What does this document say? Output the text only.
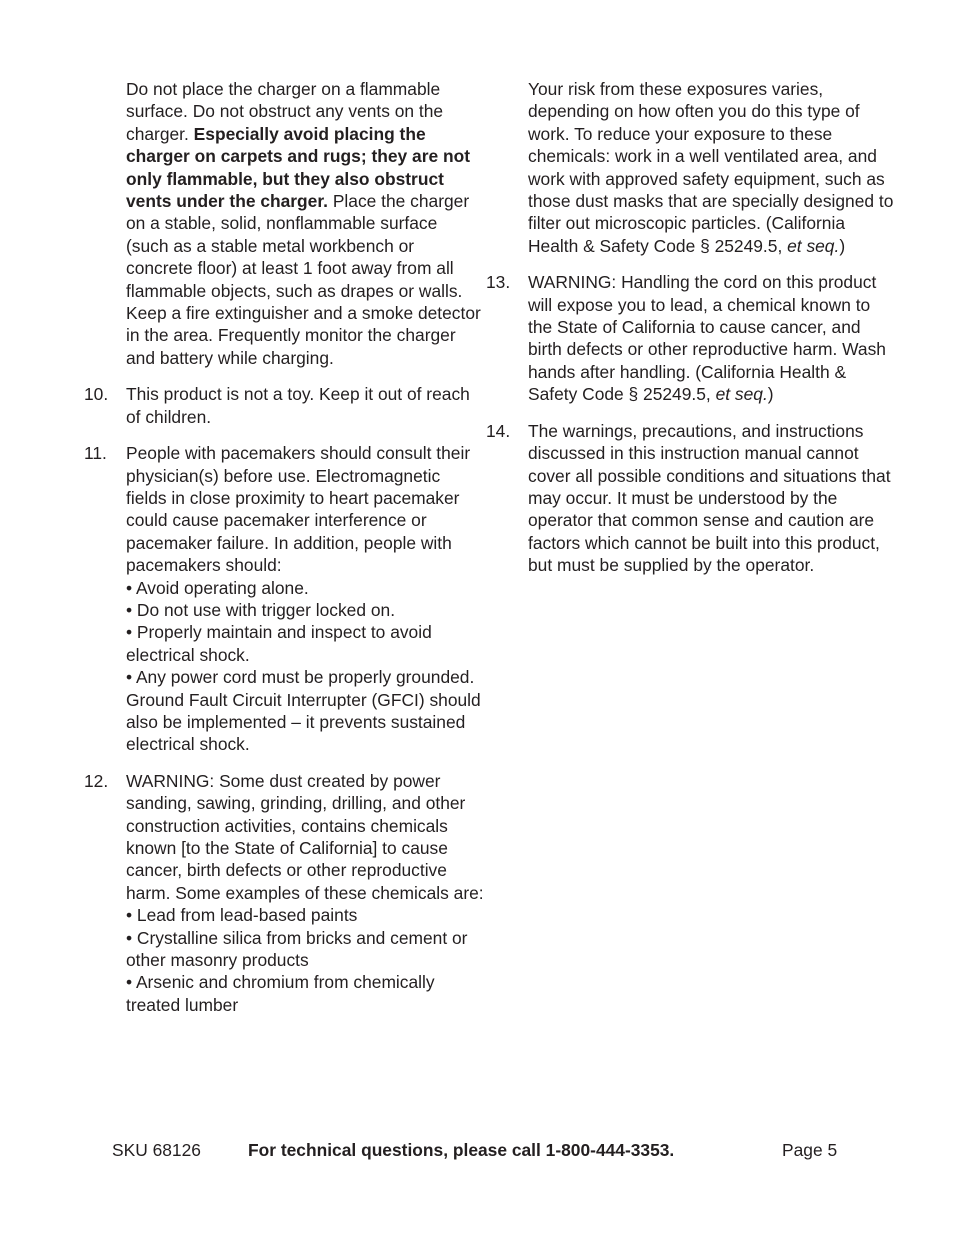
Do not place the charger on a flammable surface. Do not obstruct any vents on the charger. Especially avoid placing the charger on carpets and rugs; they are not only flammable, but they also obstruct vents under the charger. Place the charger on a stable, solid, nonflammable surface (such as a stable metal workbench or concrete floor) at least 1 foot away from all flammable objects, such as drapes or walls. Keep a fire extinguisher and a smoke detector in the area. Frequently monitor the charger and battery while charging.

10. This product is not a toy. Keep it out of reach of children.

11. People with pacemakers should consult their physician(s) before use. Electromagnetic fields in close proximity to heart pacemaker could cause pacemaker interference or pacemaker failure. In addition, people with pacemakers should:

• Avoid operating alone.

• Do not use with trigger locked on.

• Properly maintain and inspect to avoid electrical shock.

• Any power cord must be properly grounded. Ground Fault Circuit Interrupter (GFCI) should also be implemented – it prevents sustained electrical shock.

12. WARNING: Some dust created by power sanding, sawing, grinding, drilling, and other construction activities, contains chemicals known [to the State of California] to cause cancer, birth defects or other reproductive harm. Some examples of these chemicals are:

• Lead from lead-based paints

• Crystalline silica from bricks and cement or other masonry products

• Arsenic and chromium from chemically treated lumber

Your risk from these exposures varies, depending on how often you do this type of work. To reduce your exposure to these chemicals: work in a well ventilated area, and work with approved safety equipment, such as those dust masks that are specially designed to filter out microscopic particles. (California Health & Safety Code § 25249.5, et seq.)

13. WARNING: Handling the cord on this product will expose you to lead, a chemical known to the State of California to cause cancer, and birth defects or other reproductive harm. Wash hands after handling. (California Health & Safety Code § 25249.5, et seq.)

14. The warnings, precautions, and instructions discussed in this instruction manual cannot cover all possible conditions and situations that may occur. It must be understood by the operator that common sense and caution are factors which cannot be built into this product, but must be supplied by the operator.

SKU 68126	For technical questions, please call 1-800-444-3353.	Page 5
